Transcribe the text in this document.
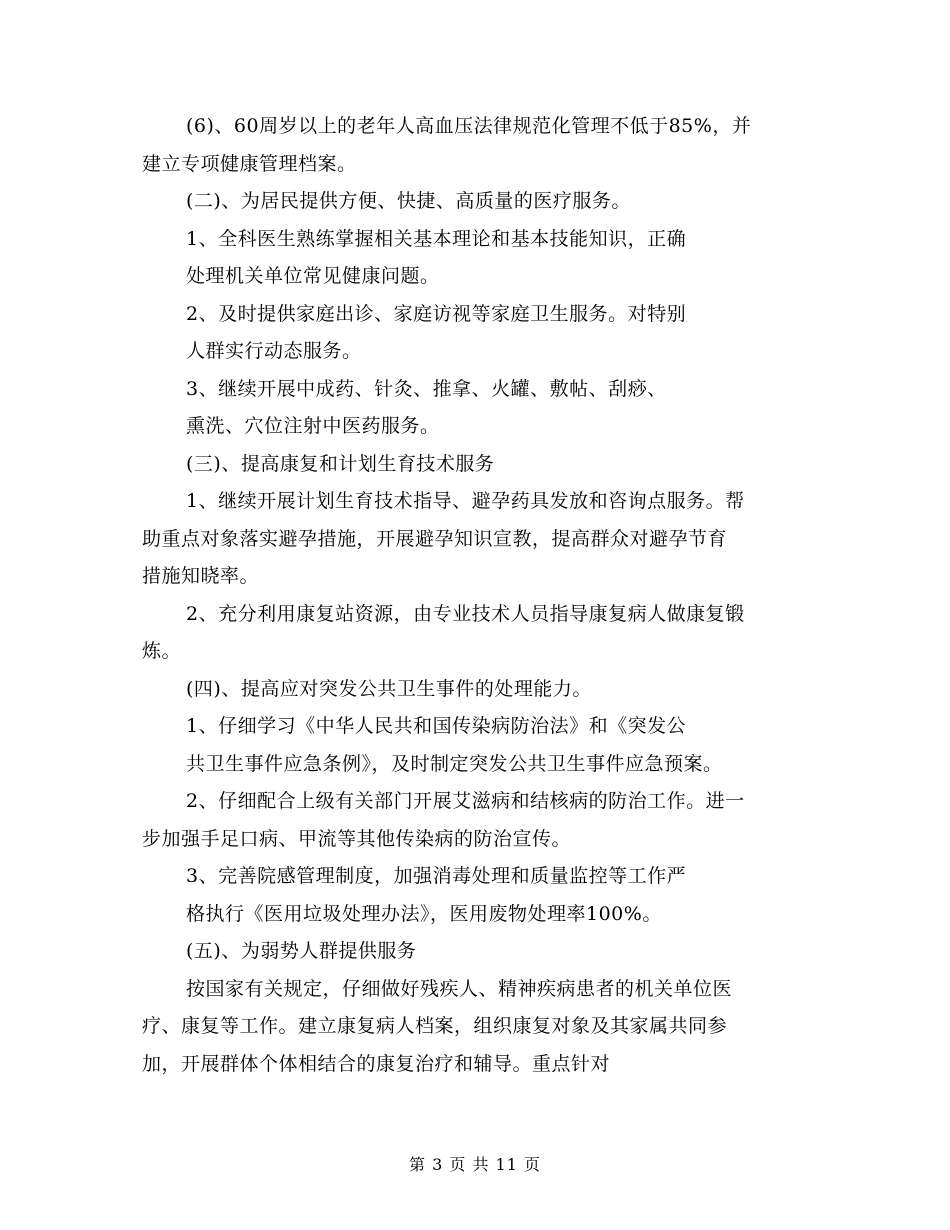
(6)、60周岁以上的老年人高血压法律规范化管理不低于85%，并
建立专项健康管理档案。
(二)、为居民提供方便、快捷、高质量的医疗服务。
1、全科医生熟练掌握相关基本理论和基本技能知识，正确
处理机关单位常见健康问题。
2、及时提供家庭出诊、家庭访视等家庭卫生服务。对特别
人群实行动态服务。
3、继续开展中成药、针灸、推拿、火罐、敷帖、刮痧、
熏洗、穴位注射中医药服务。
(三)、提高康复和计划生育技术服务
1、继续开展计划生育技术指导、避孕药具发放和咨询点服务。帮
助重点对象落实避孕措施，开展避孕知识宣教，提高群众对避孕节育
措施知晓率。
2、充分利用康复站资源，由专业技术人员指导康复病人做康复锻
炼。
(四)、提高应对突发公共卫生事件的处理能力。
1、仔细学习《中华人民共和国传染病防治法》和《突发公
共卫生事件应急条例》，及时制定突发公共卫生事件应急预案。
2、仔细配合上级有关部门开展艾滋病和结核病的防治工作。进一
步加强手足口病、甲流等其他传染病的防治宣传。
3、完善院感管理制度，加强消毒处理和质量监控等工作严
格执行《医用垃圾处理办法》，医用废物处理率100%。
(五)、为弱势人群提供服务
按国家有关规定，仔细做好残疾人、精神疾病患者的机关单位医
疗、康复等工作。建立康复病人档案，组织康复对象及其家属共同参
加，开展群体个体相结合的康复治疗和辅导。重点针对
第 3 页 共 11 页
